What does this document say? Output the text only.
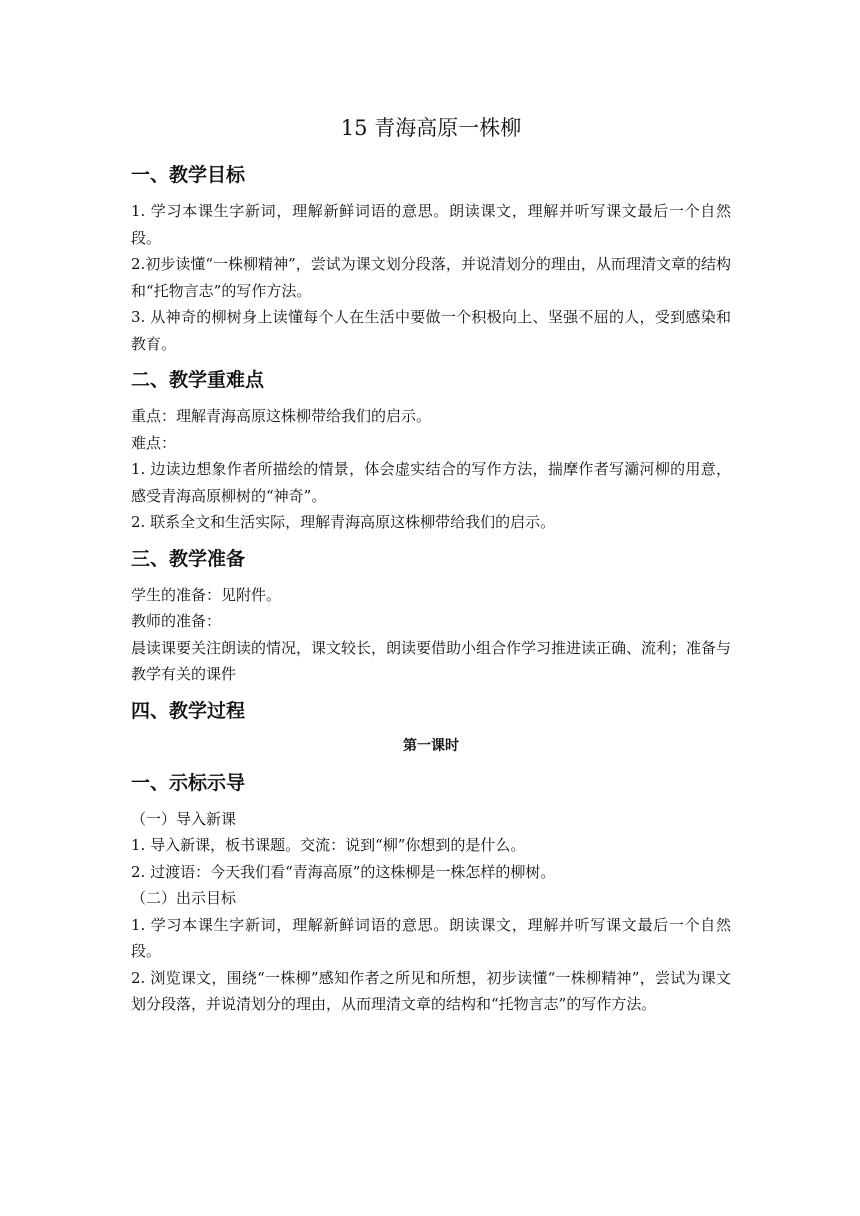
15 青海高原一株柳
一、教学目标

1. 学习本课生字新词，理解新鲜词语的意思。朗读课文，理解并听写课文最后一个自然段。

2.初步读懂“一株柳精神”，尝试为课文划分段落，并说清划分的理由，从而理清文章的结构和“托物言志”的写作方法。

3. 从神奇的柳树身上读懂每个人在生活中要做一个积极向上、坚强不屈的人，受到感染和教育。

二、教学重难点

重点：理解青海高原这株柳带给我们的启示。

难点：

1. 边读边想象作者所描绘的情景，体会虚实结合的写作方法，揣摩作者写灞河柳的用意，感受青海高原柳树的“神奇”。

2. 联系全文和生活实际，理解青海高原这株柳带给我们的启示。

三、教学准备

学生的准备：见附件。

教师的准备：

晨读课要关注朗读的情况，课文较长，朗读要借助小组合作学习推进读正确、流利；准备与教学有关的课件

四、教学过程
第一课时
一、示标示导

（一）导入新课

1. 导入新课，板书课题。交流：说到“柳”你想到的是什么。

2. 过渡语：今天我们看“青海高原”的这株柳是一株怎样的柳树。

（二）出示目标

1. 学习本课生字新词，理解新鲜词语的意思。朗读课文，理解并听写课文最后一个自然段。

2. 浏览课文，围绕“一株柳”感知作者之所见和所想，初步读懂“一株柳精神”，尝试为课文划分段落，并说清划分的理由，从而理清文章的结构和“托物言志”的写作方法。
